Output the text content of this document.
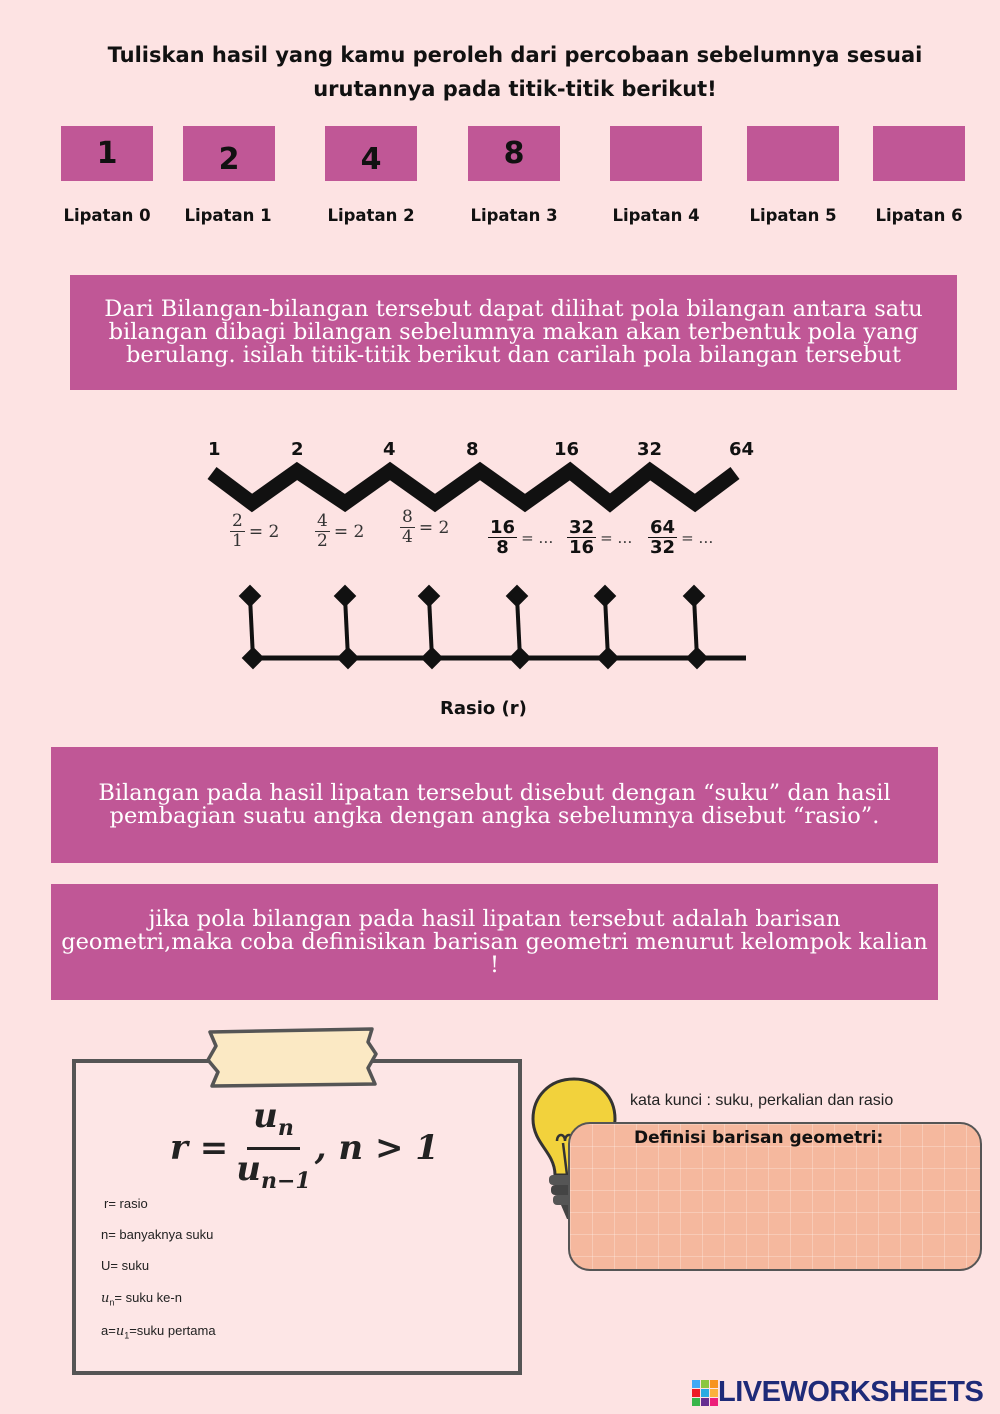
Tuliskan hasil yang kamu peroleh dari percobaan sebelumnya sesuai urutannya pada titik-titik berikut!
1	2	4	8
Lipatan 0	Lipatan 1	Lipatan 2	Lipatan 3	Lipatan 4	Lipatan 5	Lipatan 6
Dari Bilangan-bilangan tersebut dapat dilihat pola bilangan antara satu bilangan dibagi bilangan sebelumnya makan akan terbentuk pola yang berulang. isilah titik-titik berikut dan carilah pola bilangan tersebut
1	2	4	8	16	32	64
$\frac{2}{1} = 2 \frac{4}{2} = 2 \frac{8}{4} = 2 \frac{16}{8}$ = … $\frac{32}{16}$ = … $\frac{64}{32}$ = …
Rasio (r)
Bilangan pada hasil lipatan tersebut disebut dengan “suku” dan hasil pembagian suatu angka dengan angka sebelumnya disebut “rasio”.
jika pola bilangan pada hasil lipatan tersebut adalah barisan geometri,maka coba definisikan barisan geometri menurut kelompok kalian !
$r = \frac{u_n}{u_{n-1}}$ , n > 1
r= rasio
n= banyaknya suku
U= suku
$u_n=$ suku ke-n
$a=u_1=suku$ pertama
kata kunci : suku, perkalian dan rasio
Definisi barisan geometri:
LIVEWORKSHEETS
